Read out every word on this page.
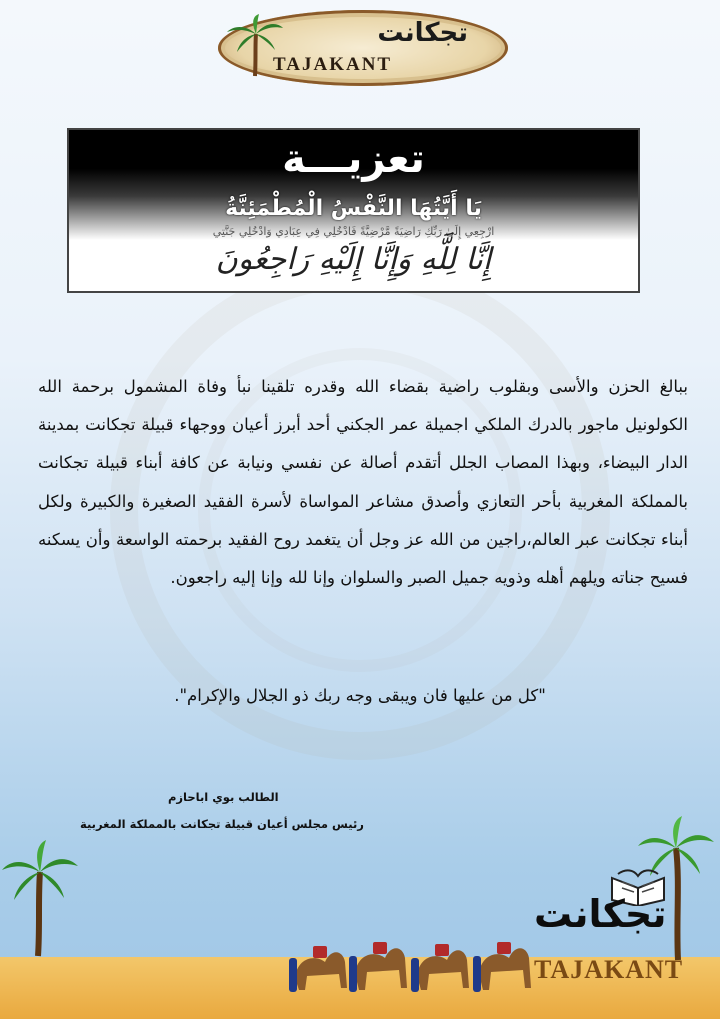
تجكانت
TAJAKANT
تعزيـــة
يَا أَيَّتُهَا النَّفْسُ الْمُطْمَئِنَّةُ
ارْجِعِي إِلَىٰ رَبِّكِ رَاضِيَةً مَّرْضِيَّةً فَادْخُلِي فِي عِبَادِي وَادْخُلِي جَنَّتِي
إِنَّا لِلَّهِ وَإِنَّا إِلَيْهِ رَاجِعُونَ
ببالغ الحزن والأسى وبقلوب راضية بقضاء الله وقدره تلقينا نبأ وفاة المشمول برحمة الله الكولونيل ماجور بالدرك الملكي اجميلة عمر الجكني أحد أبرز أعيان ووجهاء قبيلة تجكانت بمدينة الدار البيضاء، وبهذا المصاب الجلل أتقدم أصالة عن نفسي ونيابة عن كافة أبناء قبيلة تجكانت بالمملكة المغربية بأحر التعازي وأصدق مشاعر المواساة لأسرة الفقيد الصغيرة والكبيرة ولكل أبناء تجكانت عبر العالم،راجين من الله عز وجل أن يتغمد روح الفقيد برحمته الواسعة وأن يسكنه فسيح جناته ويلهم أهله وذويه جميل الصبر والسلوان وإنا لله وإنا إليه راجعون.
"كل من عليها فان ويبقى وجه ربك ذو الجلال والإكرام".
الطالب بوي اباحازم
رئيس مجلس أعيان قبيلة تجكانت بالمملكة المغربية
تجكانت
TAJAKANT
